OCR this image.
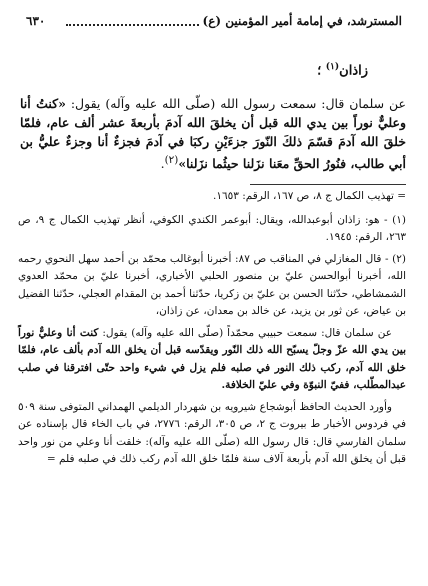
٦٣٠	المسترشد، في إمامة أمير المؤمنين (ع)
زاذان$^{(١)}$ ؛
عن سلمان قال: سمعت رسول الله (صلّى الله عليه وآله) يقول: «كنتُ أنا وعليٌّ نوراً بين يدي الله قبل أن يخلقَ الله آدمَ بأربعةَ عشر ألف عام، فلمّا خلقَ الله آدمَ قسّمَ ذلكَ النّورَ جزءَيْنِ ركبَا في آدمَ فجزءٌ أنا وجزءٌ عليُّ بن أبي طالب، فنُورُ الحقِّ معَنا نزَلنا حيثُما نزَلنا»$^{(٢)}$.

= تهذيب الكمال ج ٨، ص ١٦٧، الرقم: ١٦٥٣.

(١) - هو: زاذان أبوعبدالله، ويقال: أبوعمر الكندي الكوفي، أنظر تهذيب الكمال ج ٩، ص ٢٦٣، الرقم: ١٩٤٥.

(٢) - قال المغازلي في المناقب ص ٨٧: أخبرنا أبوغالب محمّد بن أحمد سهل النحوي رحمه الله، أخبرنا أبوالحسن عليّ بن منصور الحلبي الأخباري، أخبرنا عليّ بن محمّد العدوي الشمشاطي، حدّثنا الحسن بن عليّ بن زكريا، حدّثنا أحمد بن المقدام العجلي، حدّثنا الفضيل بن عياض، عن ثور بن يزيد، عن خالد بن معدان، عن زاذان،

عن سلمان قال: سمعت حبيبي محمّداً (صلّى الله عليه وآله) يقول: كنت أنا وعليٌّ نوراً بين يدي الله عزّ وجلّ يسبّح الله ذلك النّور ويقدّسه قبل أن يخلق الله آدم بألف عام، فلمّا خلق الله آدم، ركب ذلك النور في صلبه فلم يزل في شيء واحد حتّى افترقنا في صلب عبدالمطّلب، ففيّ النبوّة وفي عليّ الخلافة.

وأورد الحديث الحافظ أبوشجاع شيرويه بن شهردار الديلمي الهمداني المتوفى سنة ٥٠٩ في فردوس الأخبار ط بيروت ج ٢، ص ٣٠٥، الرقم: ٢٧٧٦، في باب الخاء قال بإسناده عن سلمان الفارسي قال: قال رسول الله (صلّى الله عليه وآله): خلقت أنا وعلي من نور واحد قبل أن يخلق الله آدم بأربعة آلاف سنة فلمّا خلق الله آدم ركب ذلك في صلبه فلم =
